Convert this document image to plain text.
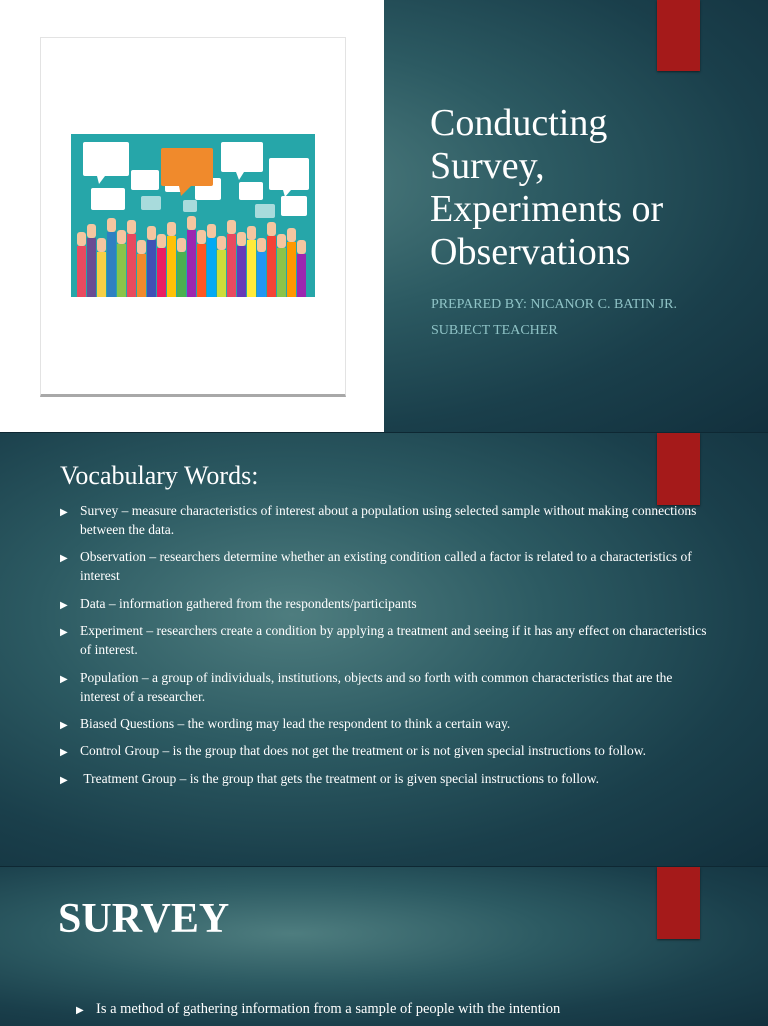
Conducting
Survey,
Experiments or
Observations
PREPARED BY: NICANOR C. BATIN JR.
SUBJECT TEACHER
Vocabulary Words:
▶ Survey – measure characteristics of interest about a population using selected sample without making connections between the data.
▶ Observation – researchers determine whether an existing condition called a factor is related to a characteristics of interest
▶ Data – information gathered from the respondents/participants
▶ Experiment – researchers create a condition by applying a treatment and seeing if it has any effect on characteristics of interest.
▶ Population – a group of individuals, institutions, objects and so forth with common characteristics that are the interest of a researcher.
▶ Biased Questions – the wording may lead the respondent to think a certain way.
▶ Control Group – is the group that does not get the treatment or is not given special instructions to follow.
▶ Treatment Group – is the group that gets the treatment or is given special instructions to follow.
SURVEY
▶ Is a method of gathering information from a sample of people with the intention
